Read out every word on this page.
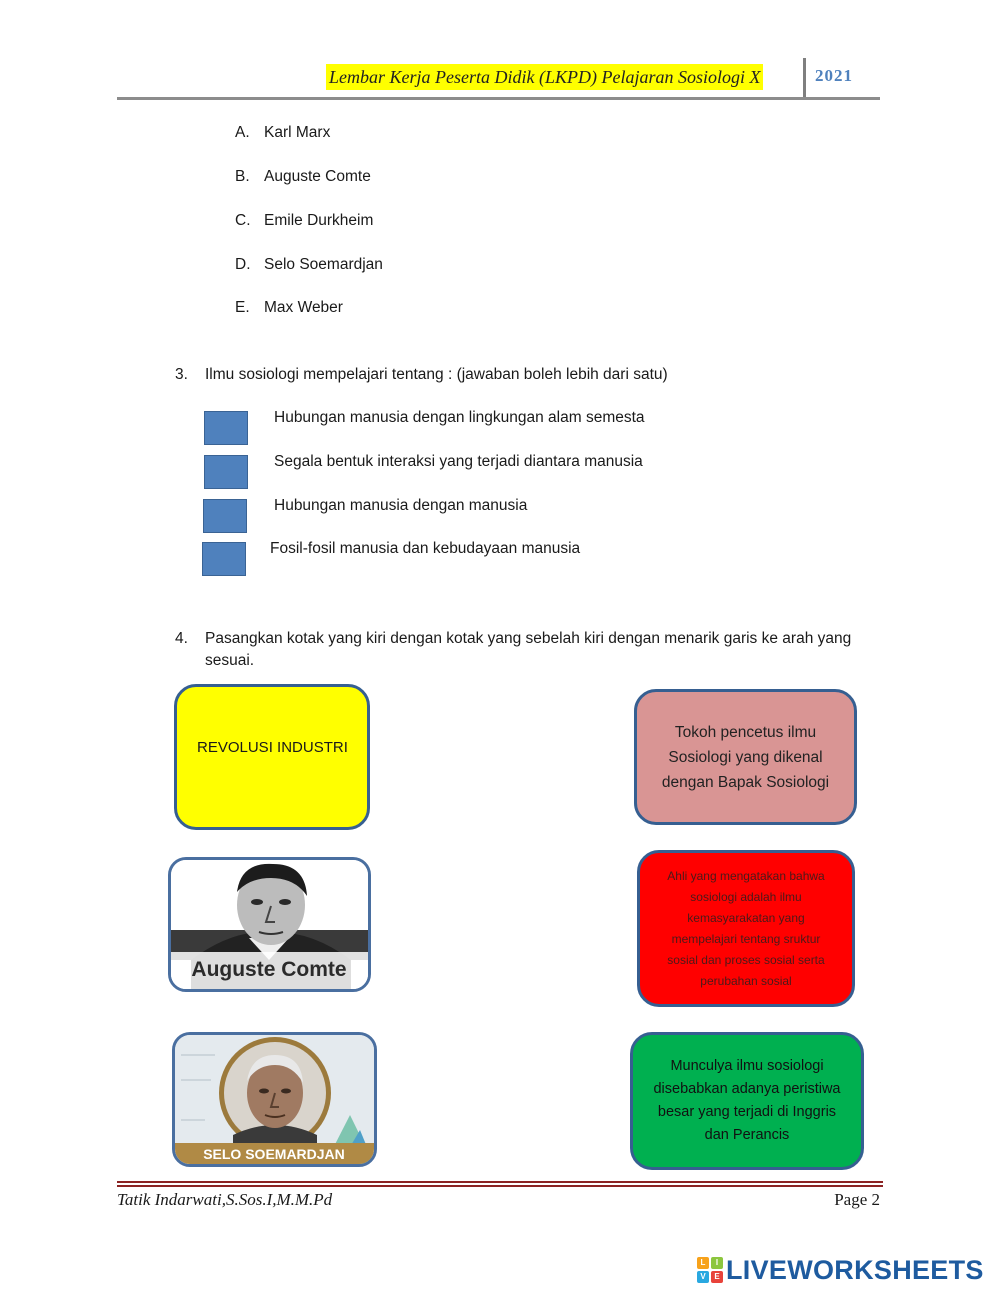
Lembar Kerja Peserta Didik (LKPD) Pelajaran Sosiologi X	2021
A. Karl Marx
B. Auguste Comte
C. Emile Durkheim
D. Selo Soemardjan
E. Max Weber
3. Ilmu sosiologi mempelajari tentang : (jawaban boleh lebih dari satu)
Hubungan manusia dengan lingkungan alam semesta
Segala bentuk interaksi yang terjadi diantara manusia
Hubungan manusia dengan manusia
Fosil-fosil manusia dan kebudayaan manusia
4.	Pasangkan kotak yang kiri dengan kotak yang sebelah kiri dengan menarik garis ke arah yang sesuai.
REVOLUSI INDUSTRI
Auguste Comte
SELO SOEMARDJAN
Tokoh pencetus ilmu Sosiologi yang dikenal dengan Bapak Sosiologi
Ahli yang mengatakan bahwa sosiologi adalah ilmu kemasyarakatan yang mempelajari tentang sruktur sosial dan proses sosial serta perubahan sosial
Munculya ilmu sosiologi disebabkan adanya peristiwa besar yang terjadi di Inggris dan Perancis
Tatik Indarwati,S.Sos.I,M.M.Pd	Page 2
L	I
V	E LIVEWORKSHEETS
